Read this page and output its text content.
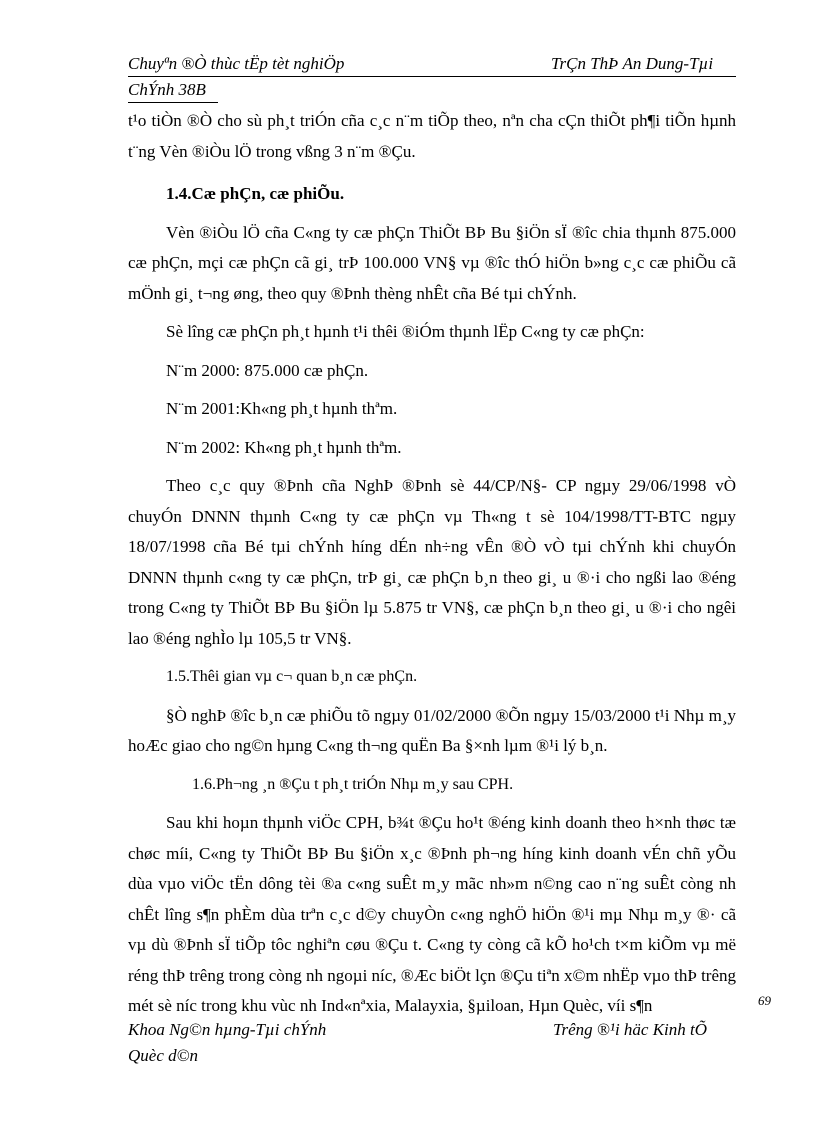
Chuyªn ®Ò thùc tËp tèt nghiÖp	TrÇn ThÞ An Dung-Tµi
ChÝnh 38B

t¹o tiÒn ®Ò cho sù ph¸t triÓn cña c¸c n¨m tiÕp theo, nªn cha cÇn thiÕt ph¶i tiÕn hµnh t¨ng Vèn ®iÒu lÖ trong vßng 3 n¨m ®Çu.

1.4.Cæ phÇn, cæ phiÕu.

Vèn ®iÒu lÖ cña C«ng ty cæ phÇn ThiÕt BÞ Bu §iÖn sÏ ®îc chia thµnh 875.000 cæ phÇn, mçi cæ phÇn cã gi¸ trÞ 100.000 VN§ vµ ®îc thÓ hiÖn b»ng c¸c cæ phiÕu cã mÖnh gi¸ t¬ng øng, theo quy ®Þnh thèng nhÊt cña Bé tµi chÝnh.

Sè lîng cæ phÇn ph¸t hµnh t¹i thêi ®iÓm thµnh lËp C«ng ty cæ phÇn:

N¨m 2000: 875.000 cæ phÇn.

N¨m 2001:Kh«ng ph¸t hµnh thªm.

N¨m 2002: Kh«ng ph¸t hµnh thªm.

Theo c¸c quy ®Þnh cña NghÞ ®Þnh sè 44/CP/N§- CP ngµy 29/06/1998 vÒ chuyÓn DNNN thµnh C«ng ty cæ phÇn vµ Th«ng t sè 104/1998/TT-BTC ngµy 18/07/1998 cña Bé tµi chÝnh híng dÉn nh÷ng vÊn ®Ò vÒ tµi chÝnh khi chuyÓn DNNN thµnh c«ng ty cæ phÇn, trÞ gi¸ cæ phÇn b¸n theo gi¸ u ®·i cho ngßi lao ®éng trong C«ng ty ThiÕt BÞ Bu §iÖn lµ 5.875 tr VN§, cæ phÇn b¸n theo gi¸ u ®·i cho ngêi lao ®éng nghÌo lµ 105,5 tr VN§.

1.5.Thêi gian vµ c¬ quan b¸n cæ phÇn.

§Ò nghÞ ®îc b¸n cæ phiÕu tõ ngµy 01/02/2000 ®Õn ngµy 15/03/2000 t¹i Nhµ m¸y hoÆc giao cho ng©n hµng C«ng th¬ng quËn Ba §×nh lµm ®¹i lý b¸n.

1.6.Ph¬ng ¸n ®Çu t ph¸t triÓn Nhµ m¸y sau CPH.

Sau khi hoµn thµnh viÖc CPH, b¾t ®Çu ho¹t ®éng kinh doanh theo h×nh thøc tæ chøc míi, C«ng ty ThiÕt BÞ Bu §iÖn x¸c ®Þnh ph¬ng híng kinh doanh vÉn chñ yÕu dùa vµo viÖc tËn dông tèi ®a c«ng suÊt m¸y mãc nh»m n©ng cao n¨ng suÊt còng nh chÊt lîng s¶n phÈm dùa trªn c¸c d©y chuyÒn c«ng nghÖ hiÖn ®¹i mµ Nhµ m¸y ®· cã vµ dù ®Þnh sÏ tiÕp tôc nghiªn cøu ®Çu t. C«ng ty còng cã kÕ ho¹ch t×m kiÕm vµ më réng thÞ trêng trong còng nh ngoµi níc, ®Æc biÖt lçn ®Çu tiªn x©m nhËp vµo thÞ trêng mét sè níc trong khu vùc nh Ind«nªxia, Malayxia, §µiloan, Hµn Quèc, víi s¶n	69
Khoa Ng©n hµng-Tµi chÝnh	Trêng ®¹i häc Kinh tÕ
Quèc d©n
